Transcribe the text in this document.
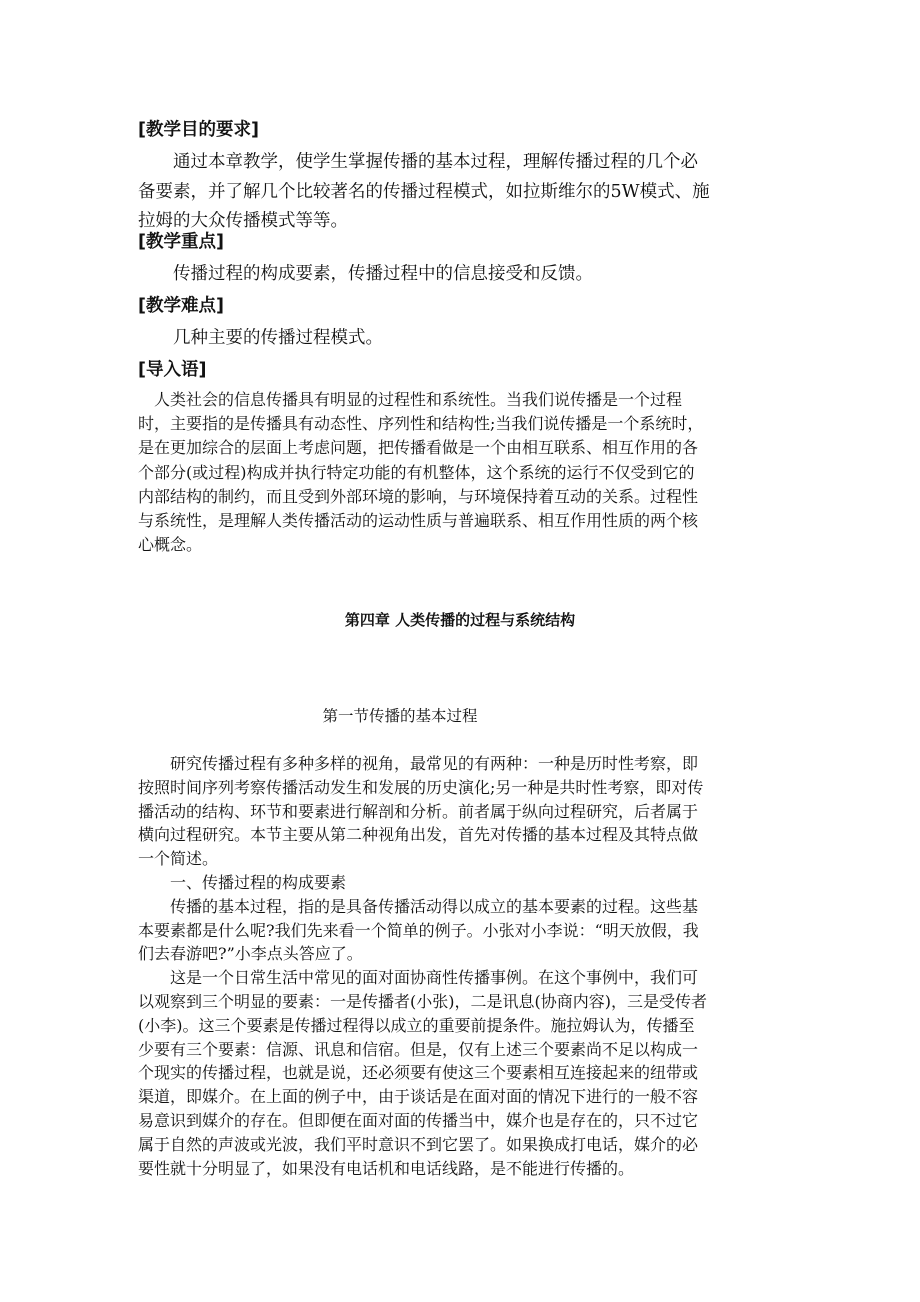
[教学目的要求]

通过本章教学，使学生掌握传播的基本过程，理解传播过程的几个必备要素，并了解几个比较著名的传播过程模式，如拉斯维尔的5W模式、施拉姆的大众传播模式等等。

[教学重点]

传播过程的构成要素，传播过程中的信息接受和反馈。

[教学难点]

几种主要的传播过程模式。

[导入语]

人类社会的信息传播具有明显的过程性和系统性。当我们说传播是一个过程时，主要指的是传播具有动态性、序列性和结构性;当我们说传播是一个系统时，是在更加综合的层面上考虑问题，把传播看做是一个由相互联系、相互作用的各个部分(或过程)构成并执行特定功能的有机整体，这个系统的运行不仅受到它的内部结构的制约，而且受到外部环境的影响，与环境保持着互动的关系。过程性与系统性，是理解人类传播活动的运动性质与普遍联系、相互作用性质的两个核心概念。

第四章 人类传播的过程与系统结构
第一节传播的基本过程

研究传播过程有多种多样的视角，最常见的有两种：一种是历时性考察，即按照时间序列考察传播活动发生和发展的历史演化;另一种是共时性考察，即对传播活动的结构、环节和要素进行解剖和分析。前者属于纵向过程研究，后者属于横向过程研究。本节主要从第二种视角出发，首先对传播的基本过程及其特点做一个简述。

一、传播过程的构成要素

传播的基本过程，指的是具备传播活动得以成立的基本要素的过程。这些基本要素都是什么呢?我们先来看一个简单的例子。小张对小李说：“明天放假，我们去春游吧?”小李点头答应了。

这是一个日常生活中常见的面对面协商性传播事例。在这个事例中，我们可以观察到三个明显的要素：一是传播者(小张)，二是讯息(协商内容)，三是受传者(小李)。这三个要素是传播过程得以成立的重要前提条件。施拉姆认为，传播至少要有三个要素：信源、讯息和信宿。但是，仅有上述三个要素尚不足以构成一个现实的传播过程，也就是说，还必须要有使这三个要素相互连接起来的纽带或渠道，即媒介。在上面的例子中，由于谈话是在面对面的情况下进行的一般不容易意识到媒介的存在。但即便在面对面的传播当中，媒介也是存在的，只不过它属于自然的声波或光波，我们平时意识不到它罢了。如果换成打电话，媒介的必要性就十分明显了，如果没有电话机和电话线路，是不能进行传播的。
